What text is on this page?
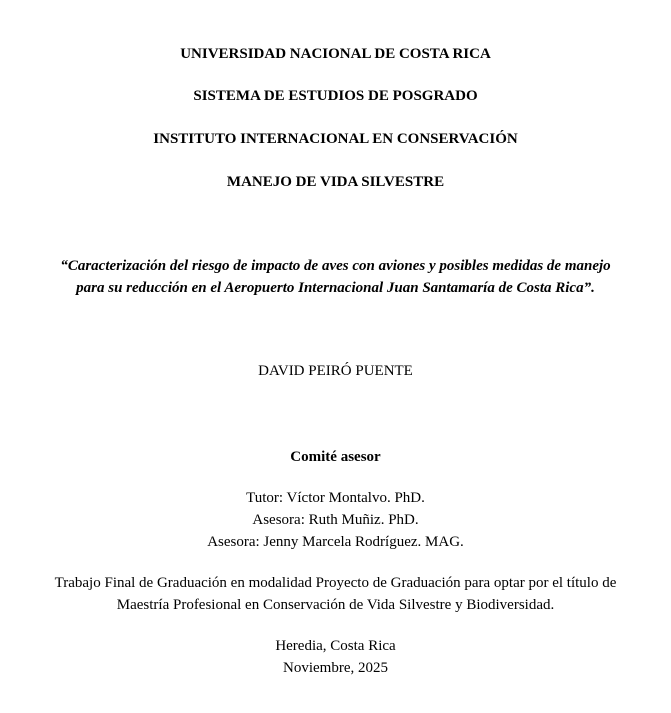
UNIVERSIDAD NACIONAL DE COSTA RICA
SISTEMA DE ESTUDIOS DE POSGRADO
INSTITUTO INTERNACIONAL EN CONSERVACIÓN
MANEJO DE VIDA SILVESTRE
“Caracterización del riesgo de impacto de aves con aviones y posibles medidas de manejo
para su reducción en el Aeropuerto Internacional Juan Santamaría de Costa Rica”.
DAVID PEIRÓ PUENTE
Comité asesor
Tutor: Víctor Montalvo. PhD.
Asesora: Ruth Muñiz. PhD.
Asesora: Jenny Marcela Rodríguez. MAG.
Trabajo Final de Graduación en modalidad Proyecto de Graduación para optar por el título de
Maestría Profesional en Conservación de Vida Silvestre y Biodiversidad.
Heredia, Costa Rica
Noviembre, 2025
